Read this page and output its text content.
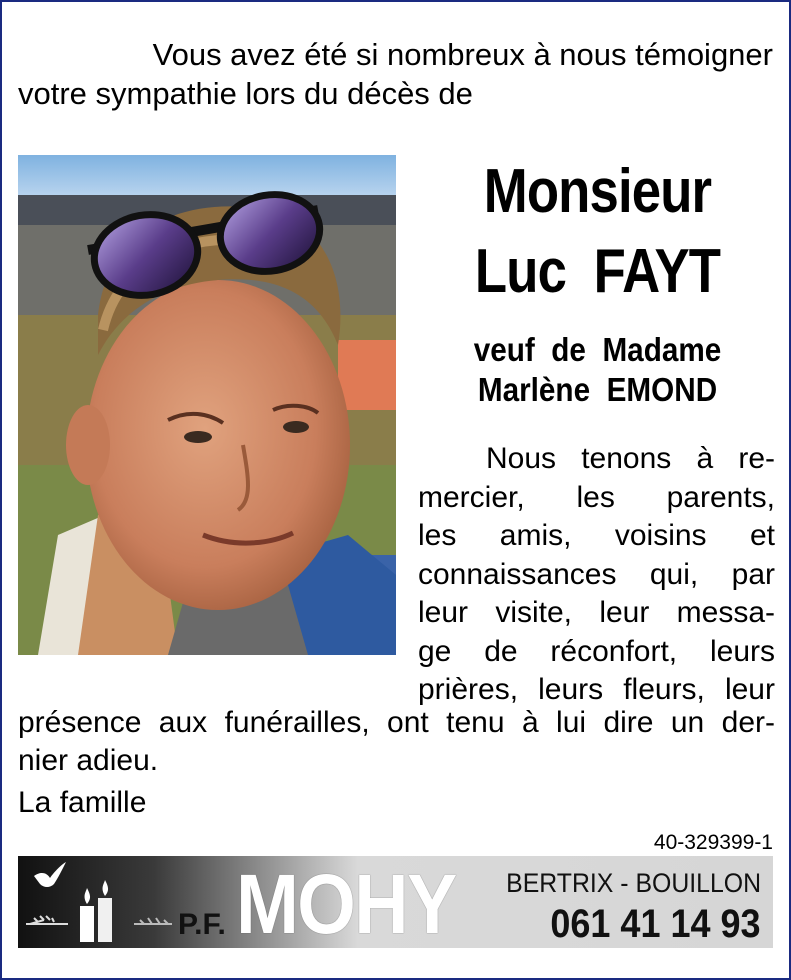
Vous avez été si nombreux à nous témoigner
votre sympathie lors du décès de
Monsieur
Luc  FAYT
veuf  de  Madame
Marlène  EMOND
Nous tenons à re-
mercier, les parents,
les amis, voisins et
connaissances qui, par
leur visite, leur messa-
ge de réconfort, leurs
prières, leurs fleurs, leur
présence aux funérailles, ont tenu à lui dire un der-
nier adieu.
La famille
40-329399-1
P.F. MOHY BERTRIX - BOUILLON
061 41 14 93
